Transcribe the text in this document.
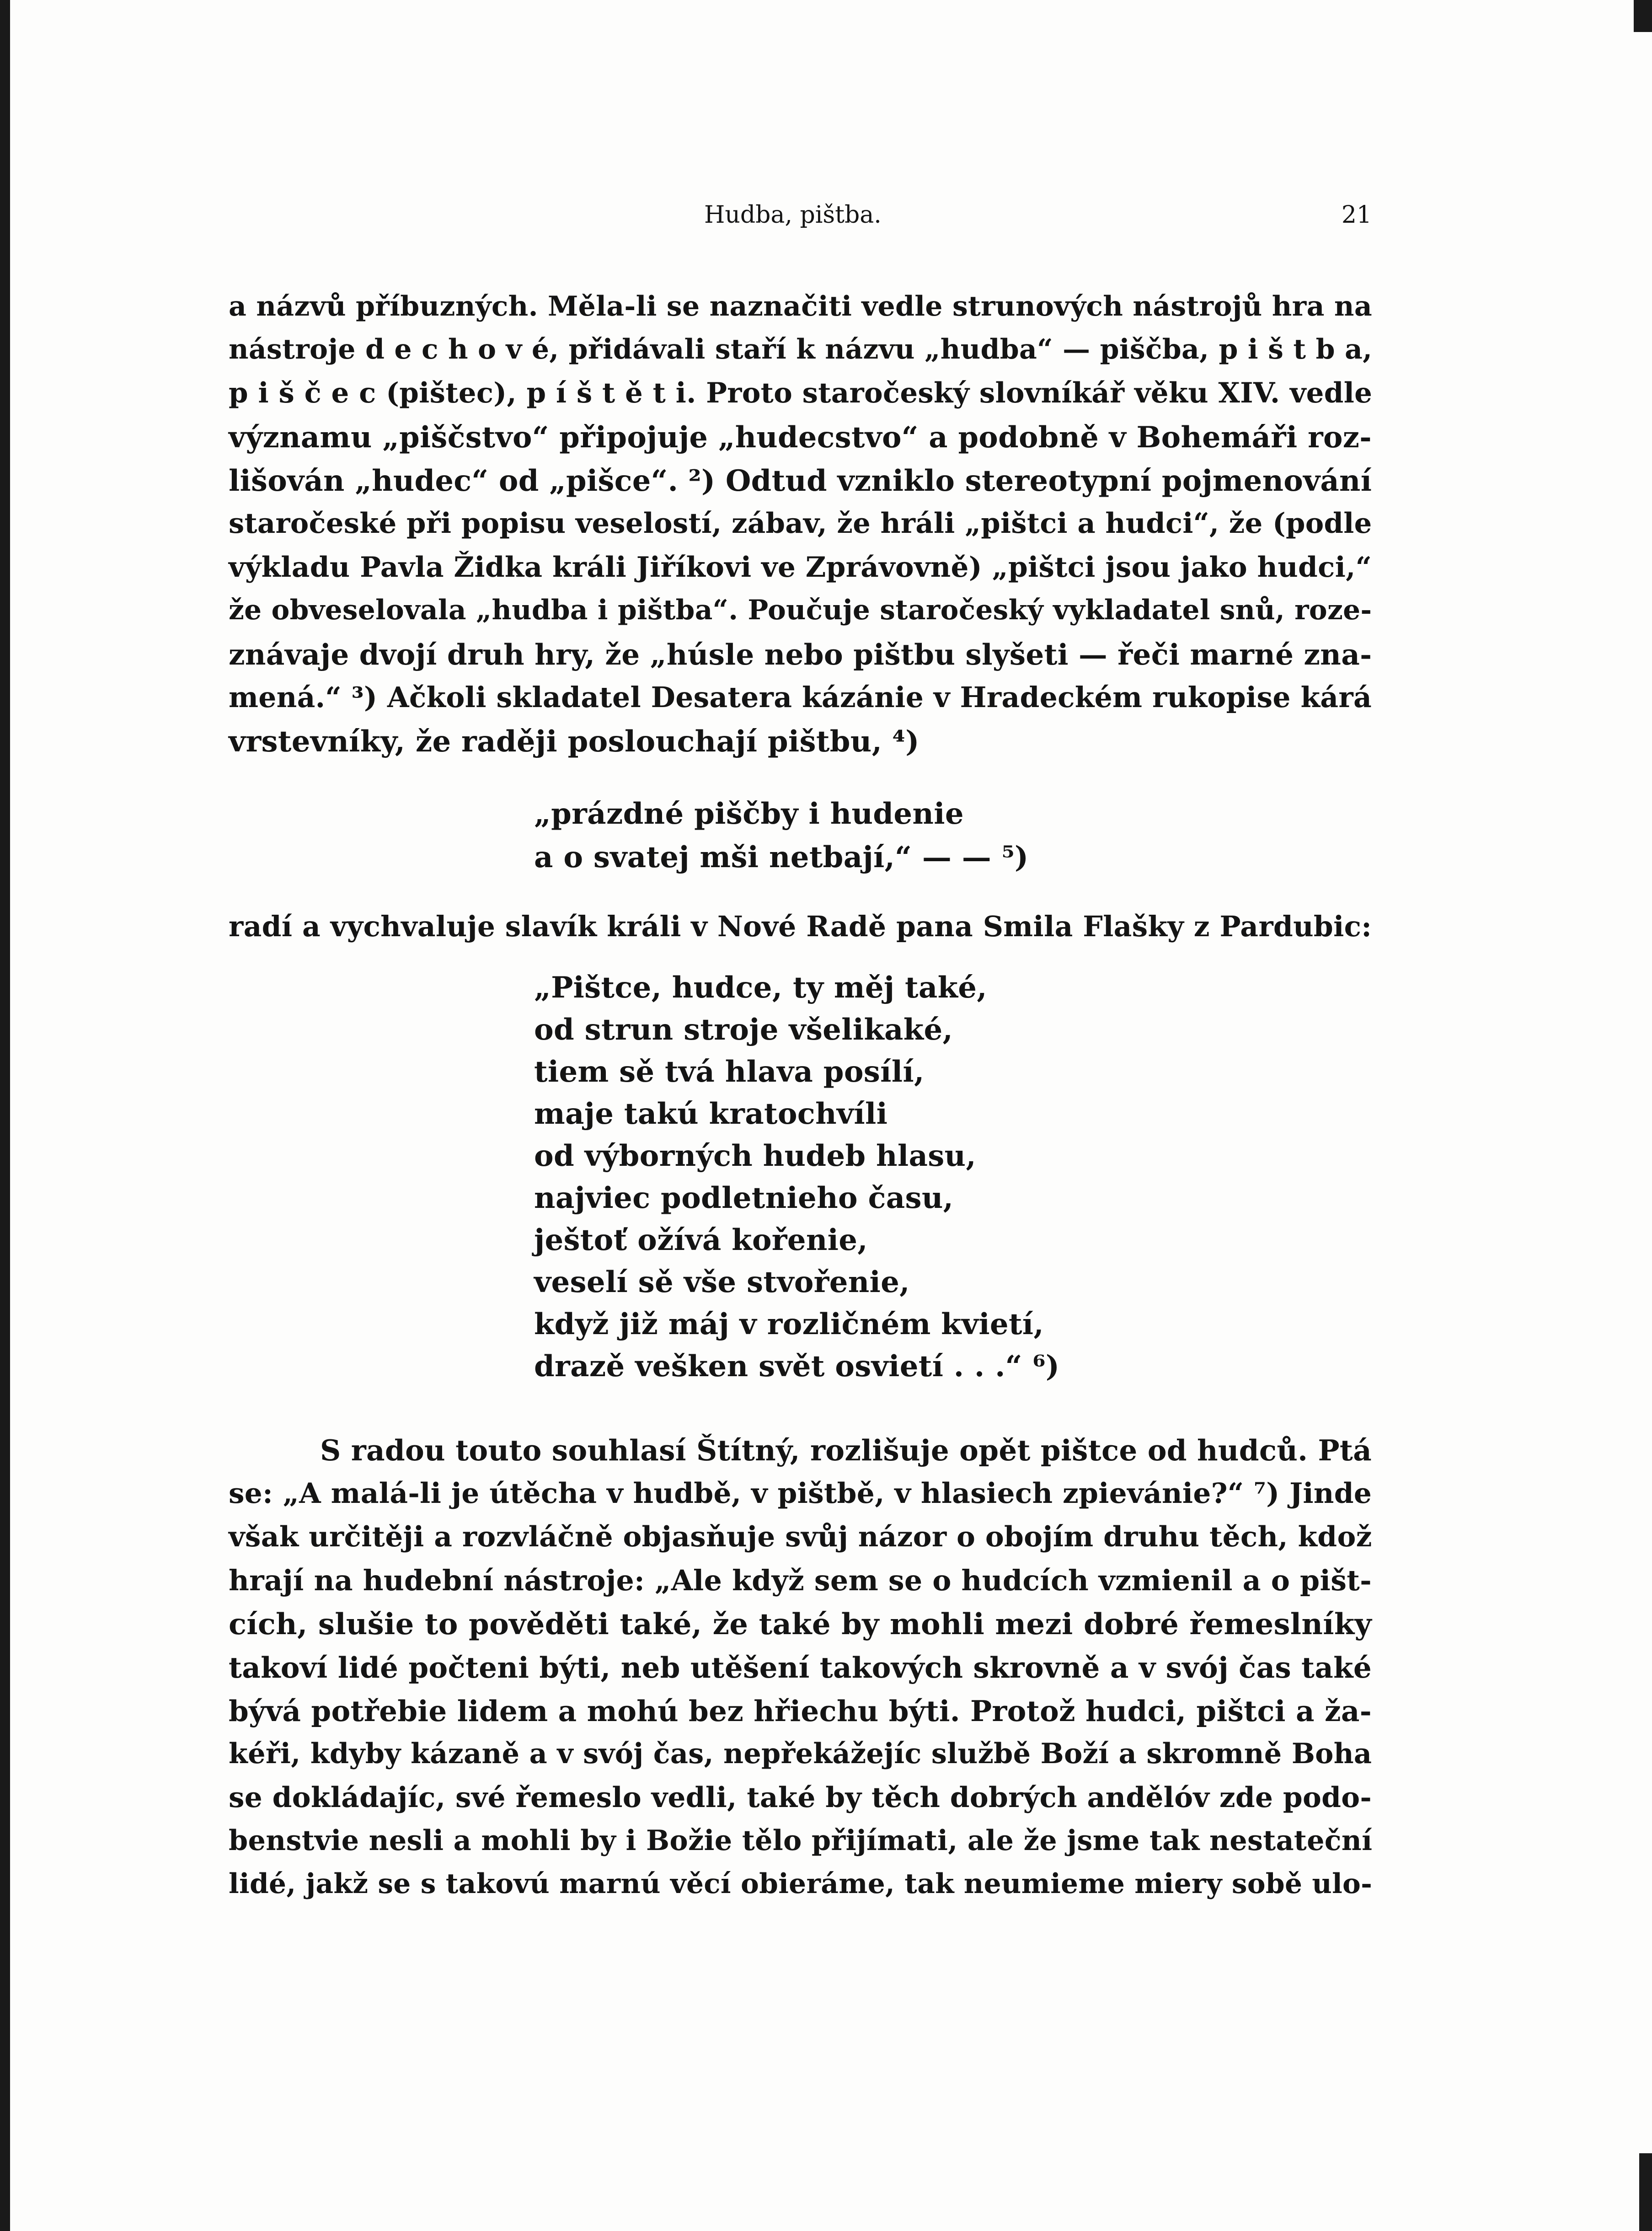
Hudba, pištba.	21
a názvů příbuzných. Měla-li se naznačiti vedle strunových nástrojů hra na
nástroje d e c h o v é, přidávali staří k názvu „hudba“ — piščba, p i š t b a,
p i š č e c (pištec), p í š t ě t i. Proto staročeský slovníkář věku XIV. vedle
významu „piščstvo“ připojuje „hudecstvo“ a podobně v Bohemáři roz-
lišován „hudec“ od „pišce“. ²) Odtud vzniklo stereotypní pojmenování
staročeské při popisu veselostí, zábav, že hráli „pištci a hudci“, že (podle
výkladu Pavla Židka králi Jiříkovi ve Zprávovně) „pištci jsou jako hudci,“
že obveselovala „hudba i pištba“. Poučuje staročeský vykladatel snů, roze-
znávaje dvojí druh hry, že „húsle nebo pištbu slyšeti — řeči marné zna-
mená.“ ³) Ačkoli skladatel Desatera kázánie v Hradeckém rukopise kárá
vrstevníky, že raději poslouchají pištbu, ⁴)
„prázdné piščby i hudenie
a o svatej mši netbají,“ — — ⁵)
radí a vychvaluje slavík králi v Nové Radě pana Smila Flašky z Pardubic:
„Pištce, hudce, ty měj také,
od strun stroje všelikaké,
tiem sě tvá hlava posílí,
maje takú kratochvíli
od výborných hudeb hlasu,
najviec podletnieho času,
ještoť ožívá kořenie,
veselí sě vše stvořenie,
když již máj v rozličném kvietí,
drazě vešken svět osvietí . . .“ ⁶)
S radou touto souhlasí Štítný, rozlišuje opět pištce od hudců. Ptá
se: „A malá-li je útěcha v hudbě, v pištbě, v hlasiech zpievánie?“ ⁷) Jinde
však určitěji a rozvláčně objasňuje svůj názor o obojím druhu těch, kdož
hrají na hudební nástroje: „Ale když sem se o hudcích vzmienil a o pišt-
cích, slušie to pověděti také, že také by mohli mezi dobré řemeslníky
takoví lidé počteni býti, neb utěšení takových skrovně a v svój čas také
bývá potřebie lidem a mohú bez hřiechu býti. Protož hudci, pištci a ža-
kéři, kdyby kázaně a v svój čas, nepřekážejíc službě Boží a skromně Boha
se dokládajíc, své řemeslo vedli, také by těch dobrých andělóv zde podo-
benstvie nesli a mohli by i Božie tělo přijímati, ale že jsme tak nestateční
lidé, jakž se s takovú marnú věcí obieráme, tak neumieme miery sobě ulo-
